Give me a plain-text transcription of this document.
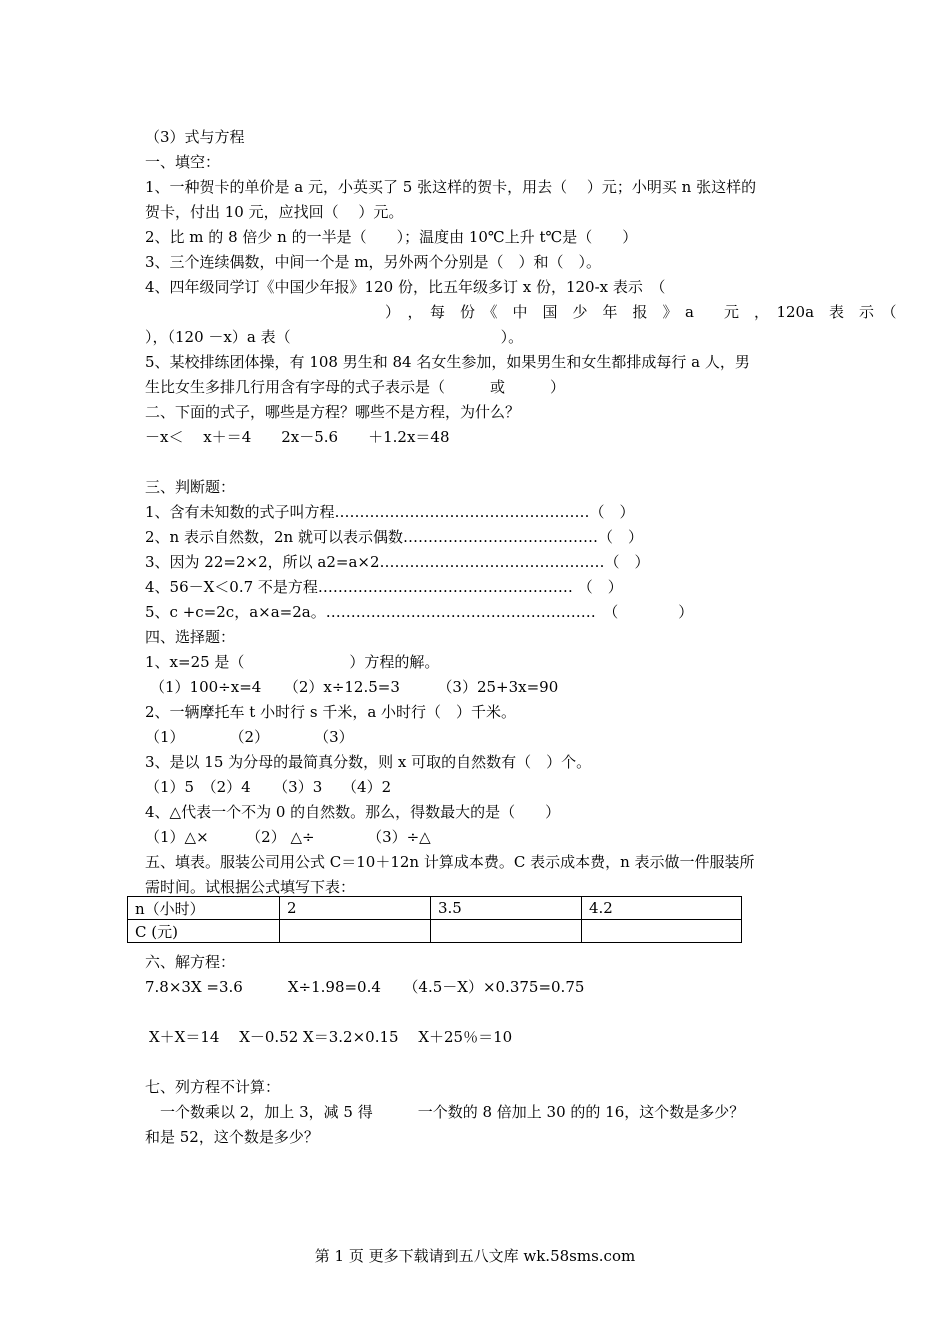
（3）式与方程
一、填空：
1、一种贺卡的单价是 a 元，小英买了 5 张这样的贺卡，用去（　 ）元；小明买 n 张这样的
贺卡，付出 10 元，应找回（　 ）元。
2、比 m 的 8 倍少 n 的一半是（　　）；温度由 10℃上升 t℃是（　　）
3、三个连续偶数，中间一个是 m，另外两个分别是（　）和（　）。
4、四年级同学订《中国少年报》120 份，比五年级多订 x 份，120-x 表示　（
）　，　每　份　《　中　国　少　年　报　》　a　　元　，　120a　表　示　（
），（120 －x）a 表（　　　　　　　　　　　　　　）。
5、某校排练团体操，有 108 男生和 84 名女生参加，如果男生和女生都排成每行 a 人，男
生比女生多排几行用含有字母的式子表示是（　　　或　　　）
二、下面的式子，哪些是方程？哪些不是方程，为什么？
－x＜　 x＋＝4　　2x－5.6　　＋1.2x＝48
三、判断题：
1、含有未知数的式子叫方程……………………………………………（　）
2、n 表示自然数，2n 就可以表示偶数…………………………………（　）
3、因为 22=2×2，所以 a2=a×2………………………………………（　）
4、56－X＜0.7 不是方程…………………………………………… （　）
5、c +c=2c，a×a=2a。………………………………………………　（　　　　）
四、选择题：
1、x=25 是（　　　　　　　）方程的解。
（1）100÷x=4　　（2）x÷12.5=3　　　（3）25+3x=90
2、一辆摩托车 t 小时行 s 千米，a 小时行（　）千米。
（1）　　　　（2）　　　　（3）
3、是以 15 为分母的最简真分数，则 x 可取的自然数有（　）个。
（1）5　（2）4　　（3）3　 （4）2
4、△代表一个不为 0 的自然数。那么，得数最大的是（　　）
（1）△×　　　（2） △÷　　　　（3）÷△
五、填表。服装公司用公式 C＝10＋12n 计算成本费。C 表示成本费，n 表示做一件服装所
需时间。试根据公式填写下表：
n（小时）	2	3.5	4.2
C (元)			
六、解方程：
7.8×3X =3.6　　　X÷1.98=0.4　　（4.5－X）×0.375=0.75
X＋X＝14　 X－0.52 X＝3.2×0.15　 X＋25％＝10
七、列方程不计算：
　一个数乘以 2，加上 3，减 5 得　　　一个数的 8 倍加上 30 的的 16，这个数是多少？
和是 52，这个数是多少？
第 1 页 更多下载请到五八文库 wk.58sms.com
